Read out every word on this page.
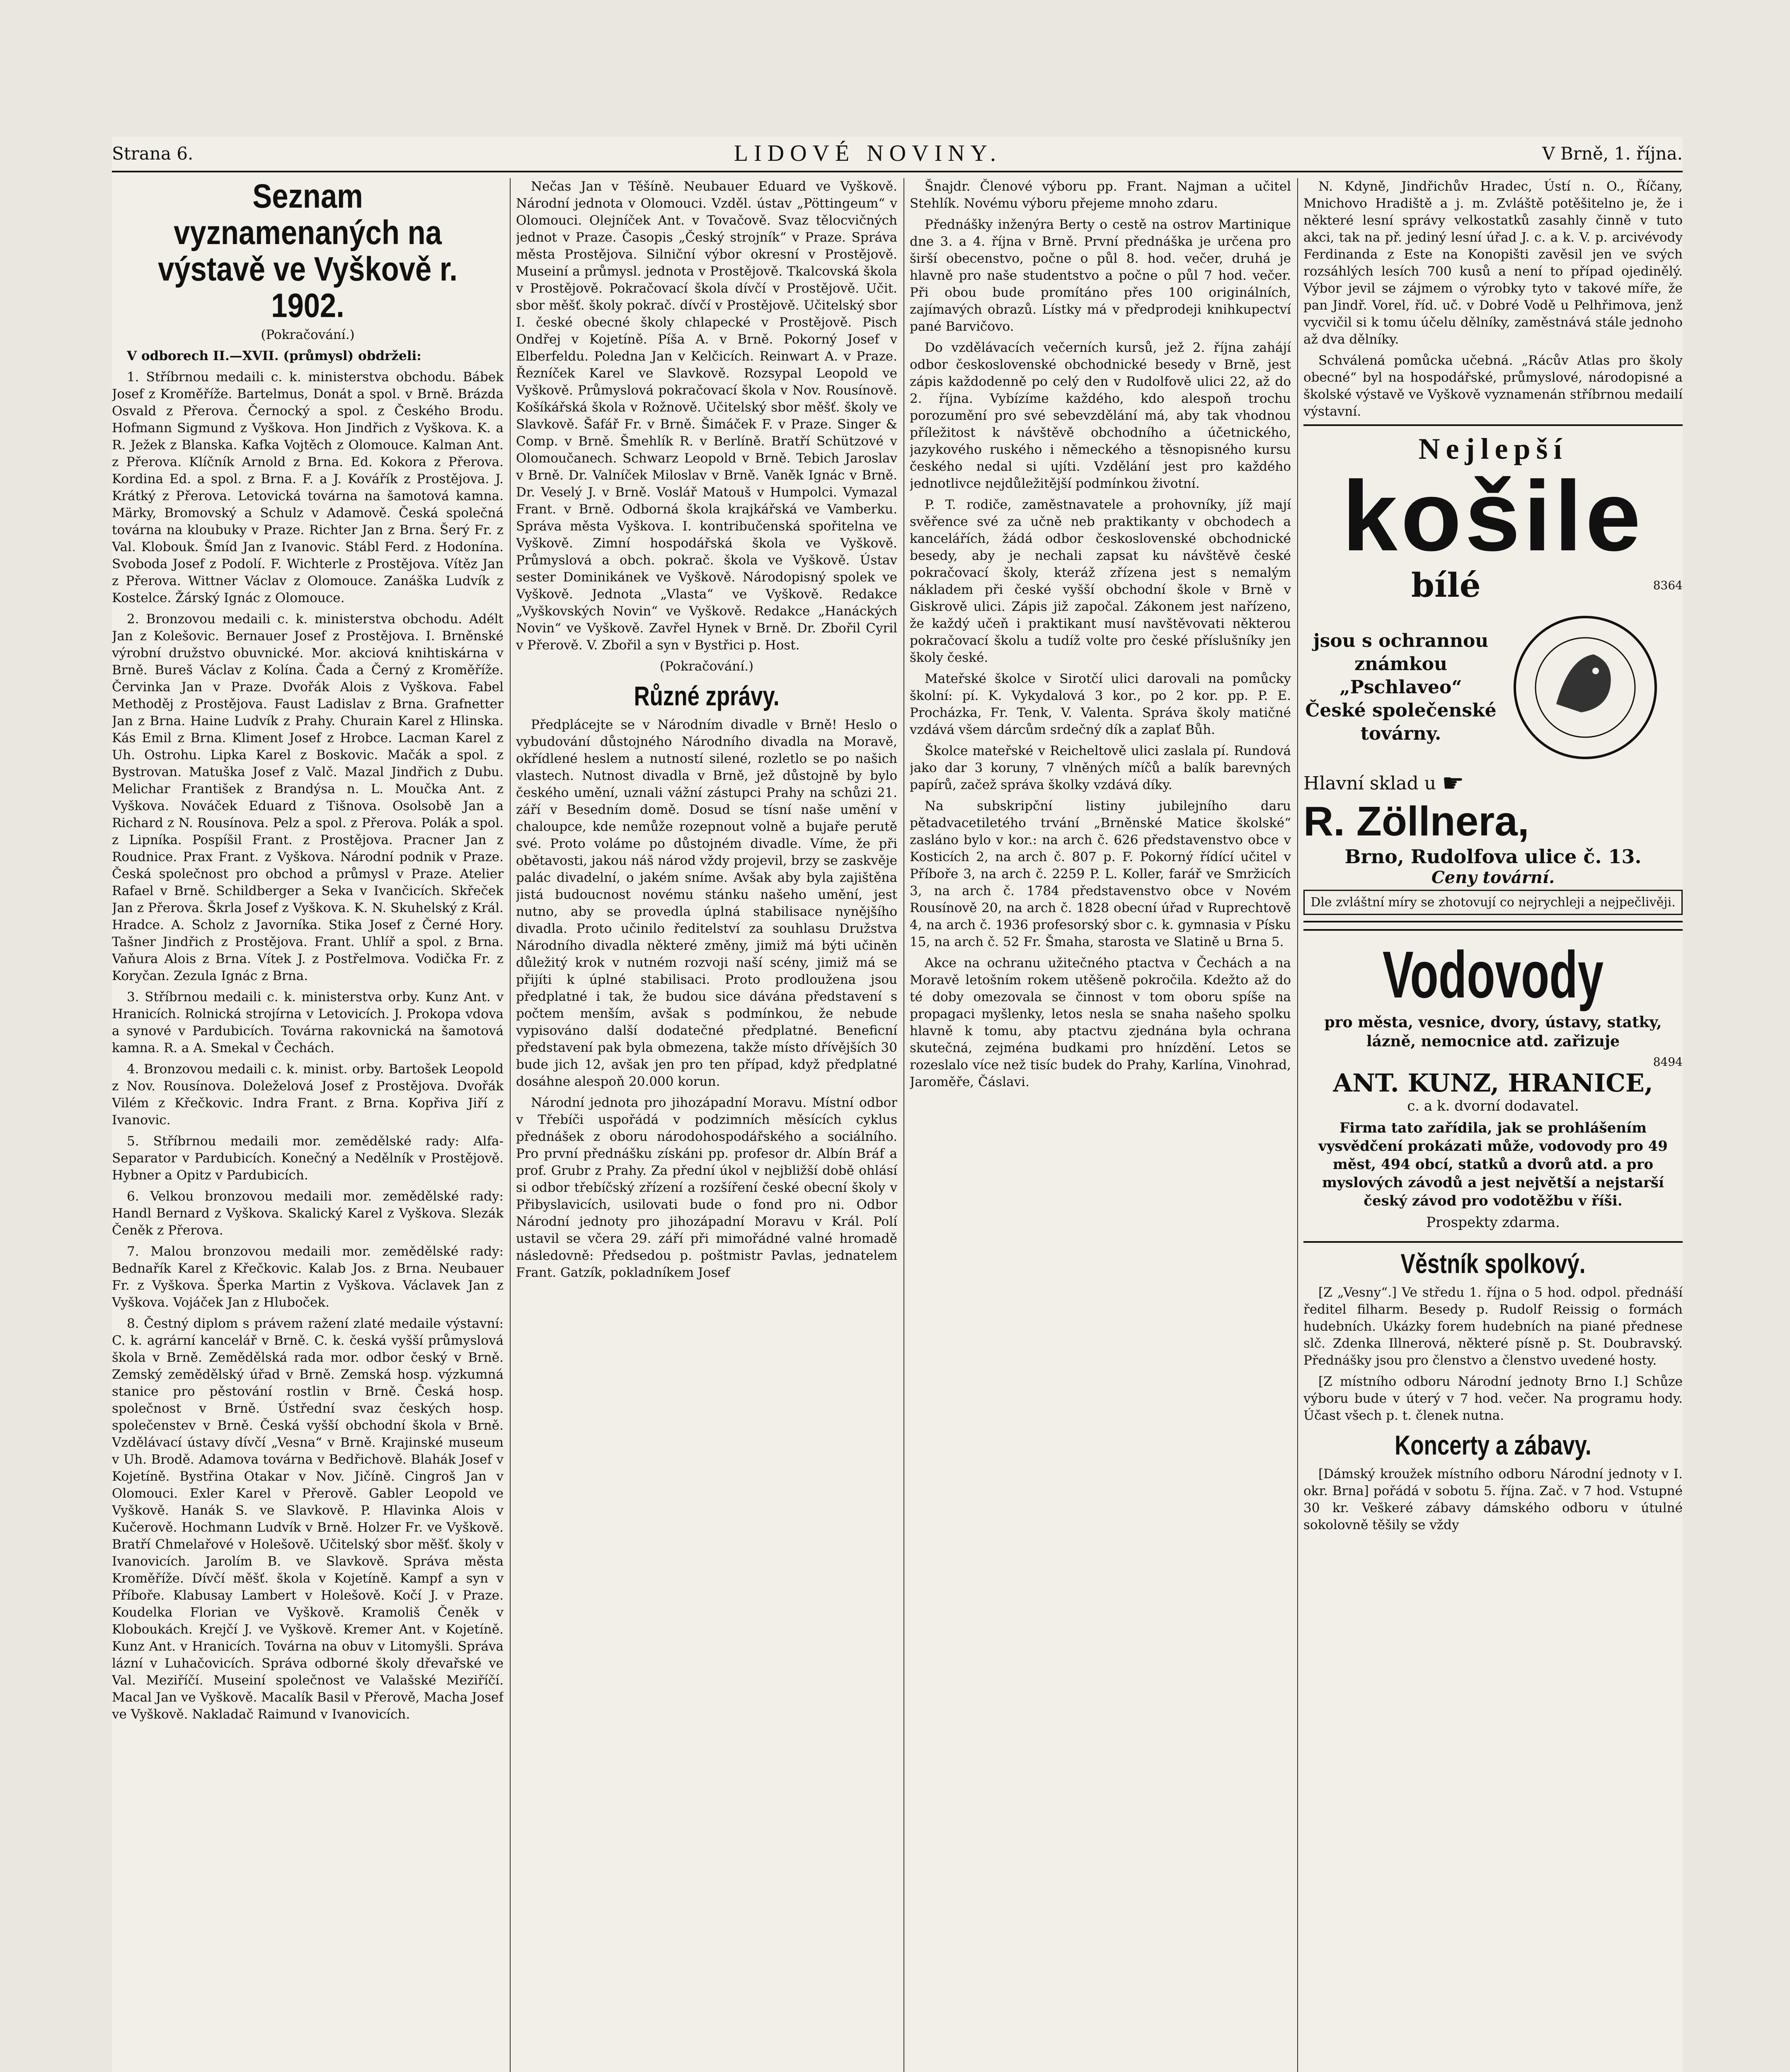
Strana 6.	LIDOVÉ NOVINY.	V Brně, 1. října.
Seznam vyznamenaných na výstavě ve Vyškově r. 1902.

(Pokračování.)

V odborech II.—XVII. (průmysl) obdrželi:

1. Stříbrnou medaili c. k. ministerstva obchodu. Bábek Josef z Kroměříže. Bartelmus, Donát a spol. v Brně. Brázda Osvald z Přerova. Černocký a spol. z Českého Brodu. Hofmann Sigmund z Vyškova. Hon Jindřich z Vyškova. K. a R. Ježek z Blanska. Kafka Vojtěch z Olomouce. Kalman Ant. z Přerova. Klíčník Arnold z Brna. Ed. Kokora z Přerova. Kordina Ed. a spol. z Brna. F. a J. Kovářík z Prostějova. J. Krátký z Přerova. Letovická továrna na šamotová kamna. Märky, Bromovský a Schulz v Adamově. Česká společná továrna na kloubuky v Praze. Richter Jan z Brna. Šerý Fr. z Val. Klobouk. Šmíd Jan z Ivanovic. Stábl Ferd. z Hodonína. Svoboda Josef z Podolí. F. Wichterle z Prostějova. Vítěz Jan z Přerova. Wittner Václav z Olomouce. Zanáška Ludvík z Kostelce. Žárský Ignác z Olomouce.

2. Bronzovou medaili c. k. ministerstva obchodu. Adélt Jan z Kolešovic. Bernauer Josef z Prostějova. I. Brněnské výrobní družstvo obuvnické. Mor. akciová knihtiskárna v Brně. Bureš Václav z Kolína. Čada a Černý z Kroměříže. Červinka Jan v Praze. Dvořák Alois z Vyškova. Fabel Methoděj z Prostějova. Faust Ladislav z Brna. Grafnetter Jan z Brna. Haine Ludvík z Prahy. Churain Karel z Hlinska. Kás Emil z Brna. Kliment Josef z Hrobce. Lacman Karel z Uh. Ostrohu. Lipka Karel z Boskovic. Mačák a spol. z Bystrovan. Matuška Josef z Valč. Mazal Jindřich z Dubu. Melichar František z Brandýsa n. L. Moučka Ant. z Vyškova. Nováček Eduard z Tišnova. Osolsobě Jan a Richard z N. Rousínova. Pelz a spol. z Přerova. Polák a spol. z Lipníka. Pospíšil Frant. z Prostějova. Pracner Jan z Roudnice. Prax Frant. z Vyškova. Národní podnik v Praze. Česká společnost pro obchod a průmysl v Praze. Atelier Rafael v Brně. Schildberger a Seka v Ivančicích. Skřeček Jan z Přerova. Škrla Josef z Vyškova. K. N. Skuhelský z Král. Hradce. A. Scholz z Javorníka. Stika Josef z Černé Hory. Tašner Jindřich z Prostějova. Frant. Uhlíř a spol. z Brna. Vaňura Alois z Brna. Vítek J. z Postřelmova. Vodička Fr. z Koryčan. Zezula Ignác z Brna.

3. Stříbrnou medaili c. k. ministerstva orby. Kunz Ant. v Hranicích. Rolnická strojírna v Letovicích. J. Prokopa vdova a synové v Pardubicích. Továrna rakovnická na šamotová kamna. R. a A. Smekal v Čechách.

4. Bronzovou medaili c. k. minist. orby. Bartošek Leopold z Nov. Rousínova. Doleželová Josef z Prostějova. Dvořák Vilém z Křečkovic. Indra Frant. z Brna. Kopřiva Jiří z Ivanovic.

5. Stříbrnou medaili mor. zemědělské rady: Alfa-Separator v Pardubicích. Konečný a Nedělník v Prostějově. Hybner a Opitz v Pardubicích.

6. Velkou bronzovou medaili mor. zemědělské rady: Handl Bernard z Vyškova. Skalický Karel z Vyškova. Slezák Čeněk z Přerova.

7. Malou bronzovou medaili mor. zemědělské rady: Bednařík Karel z Křečkovic. Kalab Jos. z Brna. Neubauer Fr. z Vyškova. Šperka Martin z Vyškova. Václavek Jan z Vyškova. Vojáček Jan z Hluboček.

8. Čestný diplom s právem ražení zlaté medaile výstavní: C. k. agrární kancelář v Brně. C. k. česká vyšší průmyslová škola v Brně. Zemědělská rada mor. odbor český v Brně. Zemský zemědělský úřad v Brně. Zemská hosp. výzkumná stanice pro pěstování rostlin v Brně. Česká hosp. společnost v Brně. Ústřední svaz českých hosp. společenstev v Brně. Česká vyšší obchodní škola v Brně. Vzdělávací ústavy dívčí „Vesna“ v Brně. Krajinské museum v Uh. Brodě. Adamova továrna v Bedřichově. Blahák Josef v Kojetíně. Bystřina Otakar v Nov. Jičíně. Cingroš Jan v Olomouci. Exler Karel v Přerově. Gabler Leopold ve Vyškově. Hanák S. ve Slavkově. P. Hlavinka Alois v Kučerově. Hochmann Ludvík v Brně. Holzer Fr. ve Vyškově. Bratří Chmelařové v Holešově. Učitelský sbor měšť. školy v Ivanovicích. Jarolím B. ve Slavkově. Správa města Kroměříže. Dívčí měšť. škola v Kojetíně. Kampf a syn v Příboře. Klabusay Lambert v Holešově. Kočí J. v Praze. Koudelka Florian ve Vyškově. Kramoliš Čeněk v Kloboukách. Krejčí J. ve Vyškově. Kremer Ant. v Kojetíně. Kunz Ant. v Hranicích. Továrna na obuv v Litomyšli. Správa lázní v Luhačovicích. Správa odborné školy dřevařské ve Val. Meziříčí. Museiní společnost ve Valašské Meziříčí. Macal Jan ve Vyškově. Macalík Basil v Přerově, Macha Josef ve Vyškově. Nakladač Raimund v Ivanovicích.

Nečas Jan v Těšíně. Neubauer Eduard ve Vyškově. Národní jednota v Olomouci. Vzděl. ústav „Pöttingeum“ v Olomouci. Olejníček Ant. v Tovačově. Svaz tělocvičných jednot v Praze. Časopis „Český strojník“ v Praze. Správa města Prostějova. Silniční výbor okresní v Prostějově. Museiní a průmysl. jednota v Prostějově. Tkalcovská škola v Prostějově. Pokračovací škola dívčí v Prostějově. Učit. sbor měšť. školy pokrač. dívčí v Prostějově. Učitelský sbor I. české obecné školy chlapecké v Prostějově. Pisch Ondřej v Kojetíně. Píša A. v Brně. Pokorný Josef v Elberfeldu. Poledna Jan v Kelčicích. Reinwart A. v Praze. Řezníček Karel ve Slavkově. Rozsypal Leopold ve Vyškově. Průmyslová pokračovací škola v Nov. Rousínově. Košíkářská škola v Rožnově. Učitelský sbor měšť. školy ve Slavkově. Šafář Fr. v Brně. Šimáček F. v Praze. Singer & Comp. v Brně. Šmehlík R. v Berlíně. Bratří Schützové v Olomoučanech. Schwarz Leopold v Brně. Tebich Jaroslav v Brně. Dr. Valníček Miloslav v Brně. Vaněk Ignác v Brně. Dr. Veselý J. v Brně. Voslář Matouš v Humpolci. Vymazal Frant. v Brně. Odborná škola krajkářská ve Vamberku. Správa města Vyškova. I. kontribučenská spořitelna ve Vyškově. Zimní hospodářská škola ve Vyškově. Průmyslová a obch. pokrač. škola ve Vyškově. Ústav sester Dominikánek ve Vyškově. Národopisný spolek ve Vyškově. Jednota „Vlasta“ ve Vyškově. Redakce „Vyškovských Novin“ ve Vyškově. Redakce „Hanáckých Novin“ ve Vyškově. Zavřel Hynek v Brně. Dr. Zbořil Cyril v Přerově. V. Zbořil a syn v Bystřici p. Host.

(Pokračování.)

Různé zprávy.

Předplácejte se v Národním divadle v Brně! Heslo o vybudování důstojného Národního divadla na Moravě, okřídlené heslem a nutností silené, rozletlo se po našich vlastech. Nutnost divadla v Brně, jež důstojně by bylo českého umění, uznali vážní zástupci Prahy na schůzi 21. září v Besedním domě. Dosud se tísní naše umění v chaloupce, kde nemůže rozepnout volně a bujaře perutě své. Proto voláme po důstojném divadle. Víme, že při obětavosti, jakou náš národ vždy projevil, brzy se zaskvěje palác divadelní, o jakém sníme. Avšak aby byla zajištěna jistá budoucnost novému stánku našeho umění, jest nutno, aby se provedla úplná stabilisace nynějšího divadla. Proto učinilo ředitelství za souhlasu Družstva Národního divadla některé změny, jimiž má býti učiněn důležitý krok v nutném rozvoji naší scény, jimiž má se přijíti k úplné stabilisaci. Proto prodloužena jsou předplatné i tak, že budou sice dávána představení s počtem menším, avšak s podmínkou, že nebude vypisováno další dodatečné předplatné. Beneficní představení pak byla obmezena, takže místo dřívějších 30 bude jich 12, avšak jen pro ten případ, když předplatné dosáhne alespoň 20.000 korun.

Národní jednota pro jihozápadní Moravu. Místní odbor v Třebíči uspořádá v podzimních měsících cyklus přednášek z oboru národohospodářského a sociálního. Pro první přednášku získáni pp. profesor dr. Albín Bráf a prof. Grubr z Prahy. Za přední úkol v nejbližší době ohlásí si odbor třebíčský zřízení a rozšíření české obecní školy v Přibyslavicích, usilovati bude o fond pro ni. Odbor Národní jednoty pro jihozápadní Moravu v Král. Polí ustavil se včera 29. září při mimořádné valné hromadě následovně: Předsedou p. poštmistr Pavlas, jednatelem Frant. Gatzík, pokladníkem Josef

Šnajdr. Členové výboru pp. Frant. Najman a učitel Stehlík. Novému výboru přejeme mnoho zdaru.

Přednášky inženýra Berty o cestě na ostrov Martinique dne 3. a 4. října v Brně. První přednáška je určena pro širší obecenstvo, počne o půl 8. hod. večer, druhá je hlavně pro naše studentstvo a počne o půl 7 hod. večer. Při obou bude promítáno přes 100 originálních, zajímavých obrazů. Lístky má v předprodeji knihkupectví pané Barvičovo.

Do vzdělávacích večerních kursů, jež 2. října zahájí odbor československé obchodnické besedy v Brně, jest zápis každodenně po celý den v Rudolfově ulici 22, až do 2. října. Vybízíme každého, kdo alespoň trochu porozumění pro své sebevzdělání má, aby tak vhodnou příležitost k návštěvě obchodního a účetnického, jazykového ruského i německého a těsnopisného kursu českého nedal si ujíti. Vzdělání jest pro každého jednotlivce nejdůležitější podmínkou životní.

P. T. rodiče, zaměstnavatele a prohovníky, jíž mají svěřence své za učně neb praktikanty v obchodech a kancelářích, žádá odbor československé obchodnické besedy, aby je nechali zapsat ku návštěvě české pokračovací školy, kteráž zřízena jest s nemalým nákladem při české vyšší obchodní škole v Brně v Giskrově ulici. Zápis již započal. Zákonem jest nařízeno, že každý učeň i praktikant musí navštěvovati některou pokračovací školu a tudíž volte pro české příslušníky jen školy české.

Mateřské školce v Sirotčí ulici darovali na pomůcky školní: pí. K. Vykydalová 3 kor., po 2 kor. pp. P. E. Procházka, Fr. Tenk, V. Valenta. Správa školy matičné vzdává všem dárcům srdečný dík a zaplať Bůh.

Školce mateřské v Reicheltově ulici zaslala pí. Rundová jako dar 3 koruny, 7 vlněných míčů a balík barevných papírů, začež správa školky vzdává díky.

Na subskripční listiny jubilejního daru pětadvacetiletého trvání „Brněnské Matice školské“ zasláno bylo v kor.: na arch č. 626 představenstvo obce v Kosticích 2, na arch č. 807 p. F. Pokorný řídící učitel v Příboře 3, na arch č. 2259 P. L. Koller, farář ve Smržicích 3, na arch č. 1784 představenstvo obce v Novém Rousínově 20, na arch č. 1828 obecní úřad v Ruprechtově 4, na arch č. 1936 profesorský sbor c. k. gymnasia v Písku 15, na arch č. 52 Fr. Šmaha, starosta ve Slatině u Brna 5.

Akce na ochranu užitečného ptactva v Čechách a na Moravě letošním rokem utěšeně pokročila. Kdežto až do té doby omezovala se činnost v tom oboru spíše na propagaci myšlenky, letos nesla se snaha našeho spolku hlavně k tomu, aby ptactvu zjednána byla ochrana skutečná, zejména budkami pro hnízdění. Letos se rozeslalo více než tisíc budek do Prahy, Karlína, Vinohrad, Jaroměře, Čáslavi.

N. Kdyně, Jindřichův Hradec, Ústí n. O., Říčany, Mnichovo Hradiště a j. m. Zvláště potěšitelno je, že i některé lesní správy velkostatků zasahly činně v tuto akci, tak na př. jediný lesní úřad J. c. a k. V. p. arcivévody Ferdinanda z Este na Konopišti zavěsil jen ve svých rozsáhlých lesích 700 kusů a není to případ ojedinělý. Výbor jevil se zájmem o výrobky tyto v takové míře, že pan Jindř. Vorel, říd. uč. v Dobré Vodě u Pelhřimova, jenž vycvičil si k tomu účelu dělníky, zaměstnává stále jednoho až dva dělníky.

Schválená pomůcka učebná. „Rácův Atlas pro školy obecné“ byl na hospodářské, průmyslové, národopisné a školské výstavě ve Vyškově vyznamenán stříbrnou medailí výstavní.

Nejlepší
košile
bílé	8364
jsou s ochrannou známkou
„Pschlaveo“
České společenské továrny.
Hlavní sklad u ☛
R. Zöllnera,
Brno, Rudolfova ulice č. 13.
Ceny tovární.
Dle zvláštní míry se zhotovují co nejrychleji a nejpečlivěji.
Vodovody

pro města, vesnice, dvory, ústavy, statky, lázně, nemocnice atd. zařizuje

8494
ANT. KUNZ, HRANICE,

c. a k. dvorní dodavatel.

Firma tato zařídila, jak se prohlášením vysvědčení prokázati může, vodovody pro 49 měst, 494 obcí, statků a dvorů atd. a pro myslových závodů a jest největší a nejstarší český závod pro vodotěžbu v říši.

Prospekty zdarma.

Věstník spolkový.

[Z „Vesny“.] Ve středu 1. října o 5 hod. odpol. přednáší ředitel filharm. Besedy p. Rudolf Reissig o formách hudebních. Ukázky forem hudebních na piané přednese slč. Zdenka Illnerová, některé písně p. St. Doubravský. Přednášky jsou pro členstvo a členstvo uvedené hosty.

[Z místního odboru Národní jednoty Brno I.] Schůze výboru bude v úterý v 7 hod. večer. Na programu hody. Účast všech p. t. členek nutna.

Koncerty a zábavy.

[Dámský kroužek místního odboru Národní jednoty v I. okr. Brna] pořádá v sobotu 5. října. Zač. v 7 hod. Vstupné 30 kr. Veškeré zábavy dámského odboru v útulné sokolovně těšily se vždy
